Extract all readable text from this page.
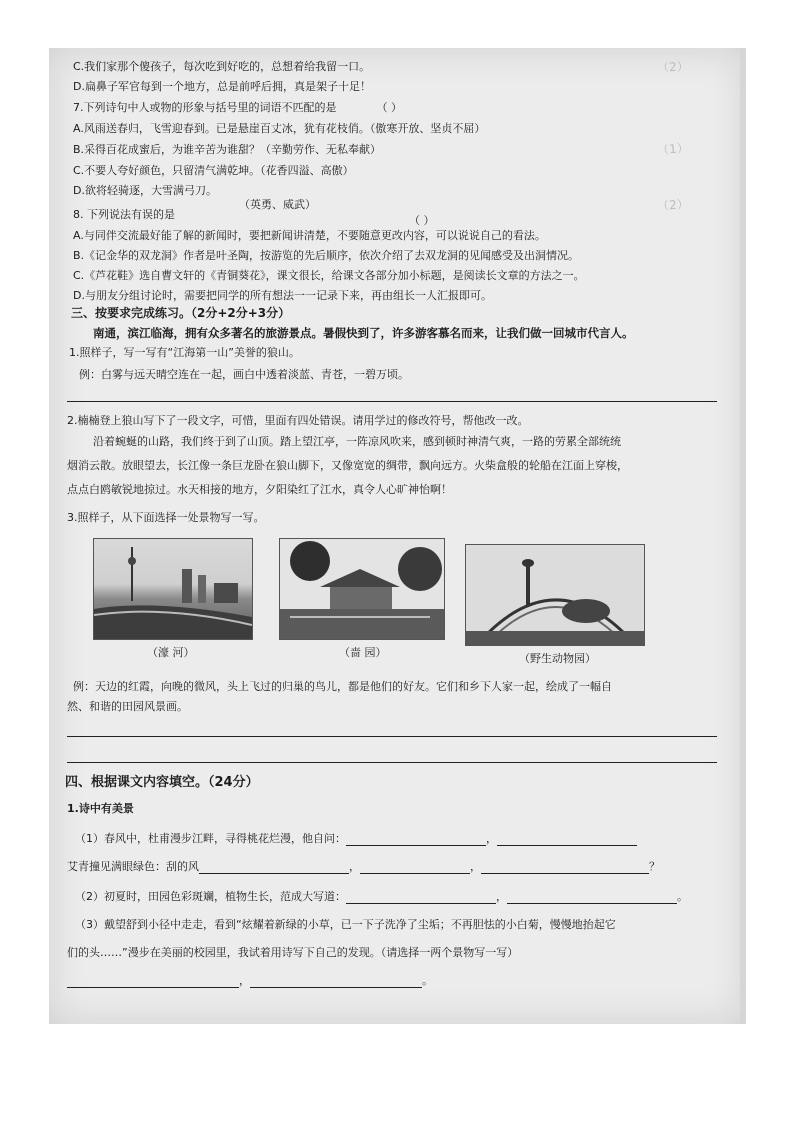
（2）
（1）
（2）
C.我们家那个傻孩子，每次吃到好吃的，总想着给我留一口。
D.扁鼻子军官每到一个地方，总是前呼后拥，真是架子十足！
7.下列诗句中人或物的形象与括号里的词语不匹配的是	（ ）
A.风雨送春归，飞雪迎春到。已是悬崖百丈冰，犹有花枝俏。（傲寒开放、坚贞不屈）
B.采得百花成蜜后，为谁辛苦为谁甜？（辛勤劳作、无私奉献）
C.不要人夸好颜色，只留清气满乾坤。（花香四溢、高傲）
D.欲将轻骑逐，大雪满弓刀。
（英勇、威武）
8. 下列说法有误的是	（ ）
A.与同伴交流最好能了解的新闻时，要把新闻讲清楚，不要随意更改内容，可以说说自己的看法。
B.《记金华的双龙洞》作者是叶圣陶，按游览的先后顺序，依次介绍了去双龙洞的见闻感受及出洞情况。
C.《芦花鞋》选自曹文轩的《青铜葵花》，课文很长，给课文各部分加小标题，是阅读长文章的方法之一。
D.与朋友分组讨论时，需要把同学的所有想法一一记录下来，再由组长一人汇报即可。
三、按要求完成练习。（2分+2分+3分）
南通，滨江临海，拥有众多著名的旅游景点。暑假快到了，许多游客慕名而来，让我们做一回城市代言人。
1.照样子，写一写有“江海第一山”美誉的狼山。
例：白雾与远天晴空连在一起，画白中透着淡蓝、青苍，一碧万顷。
2.楠楠登上狼山写下了一段文字，可惜，里面有四处错误。请用学过的修改符号，帮他改一改。
沿着蜿蜒的山路，我们终于到了山顶。踏上望江亭，一阵凉风吹来，感到顿时神清气爽，一路的劳累全部统统
烟消云散。放眼望去，长江像一条巨龙卧在狼山脚下，又像宽宽的绸带，飘向远方。火柴盒般的轮船在江面上穿梭，
点点白鸥敏锐地掠过。水天相接的地方，夕阳染红了江水，真令人心旷神怡啊！
3.照样子，从下面选择一处景物写一写。
（濠 河）	（啬 园）	（野生动物园）
例：天边的红霞，向晚的微风，头上飞过的归巢的鸟儿，都是他们的好友。它们和乡下人家一起，绘成了一幅自
然、和谐的田园风景画。
四、根据课文内容填空。（24分）
1.诗中有美景
（1）春风中，杜甫漫步江畔，寻得桃花烂漫，他自问：	，
艾青撞见满眼绿色：刮的风	，	，	？
（2）初夏时，田园色彩斑斓，植物生长，范成大写道：	，	。
（3）戴望舒到小径中走走，看到“炫耀着新绿的小草，已一下子洗净了尘垢；不再胆怯的小白菊，慢慢地抬起它
们的头……”漫步在美丽的校园里，我试着用诗写下自己的发现。（请选择一两个景物写一写）
，	。
